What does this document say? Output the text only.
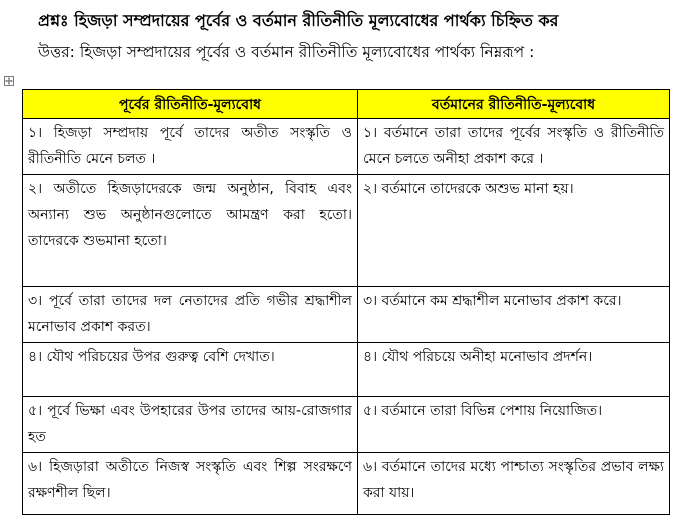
প্রশ্নঃ হিজড়া সম্প্রদায়ের পূর্বের ও বর্তমান রীতিনীতি মূল্যবোধের পার্থক্য চিহ্নিত কর
উত্তর: হিজড়া সম্প্রদায়ের পূর্বের ও বর্তমান রীতিনীতি মূল্যবোধের পার্থক্য নিম্নরূপ :
পূর্বের রীতিনীতি-মূল্যবোধ	বর্তমানের রীতিনীতি-মূল্যবোধ
১। হিজড়া সম্প্রদায় পূর্বে তাদের অতীত সংস্কৃতি ও রীতিনীতি মেনে চলত ।	১। বর্তমানে তারা তাদের পূর্বের সংস্কৃতি ও রীতিনীতি মেনে চলতে অনীহা প্রকাশ করে ।
২। অতীতে হিজড়াদেরকে জন্ম অনুষ্ঠান, বিবাহ এবং অন্যান্য শুভ অনুষ্ঠানগুলোতে আমন্ত্রণ করা হতো। তাদেরকে শুভমানা হতো।	২। বর্তমানে তাদেরকে অশুভ মানা হয়।
৩। পূর্বে তারা তাদের দল নেতাদের প্রতি গভীর শ্রদ্ধাশীল মনোভাব প্রকাশ করত।	৩। বর্তমানে কম শ্রদ্ধাশীল মনোভাব প্রকাশ করে।
৪। যৌথ পরিচয়ের উপর গুরুত্ব বেশি দেখাত।	৪। যৌথ পরিচয়ে অনীহা মনোভাব প্রদর্শন।
৫। পূর্বে ভিক্ষা এবং উপহারের উপর তাদের আয়-রোজগার হত	৫। বর্তমানে তারা বিভিন্ন পেশায় নিয়োজিত।
৬। হিজড়ারা অতীতে নিজস্ব সংস্কৃতি এবং শিল্প সংরক্ষণে রক্ষণশীল ছিল।	৬। বর্তমানে তাদের মধ্যে পাশ্চাত্য সংস্কৃতির প্রভাব লক্ষ্য করা যায়।
